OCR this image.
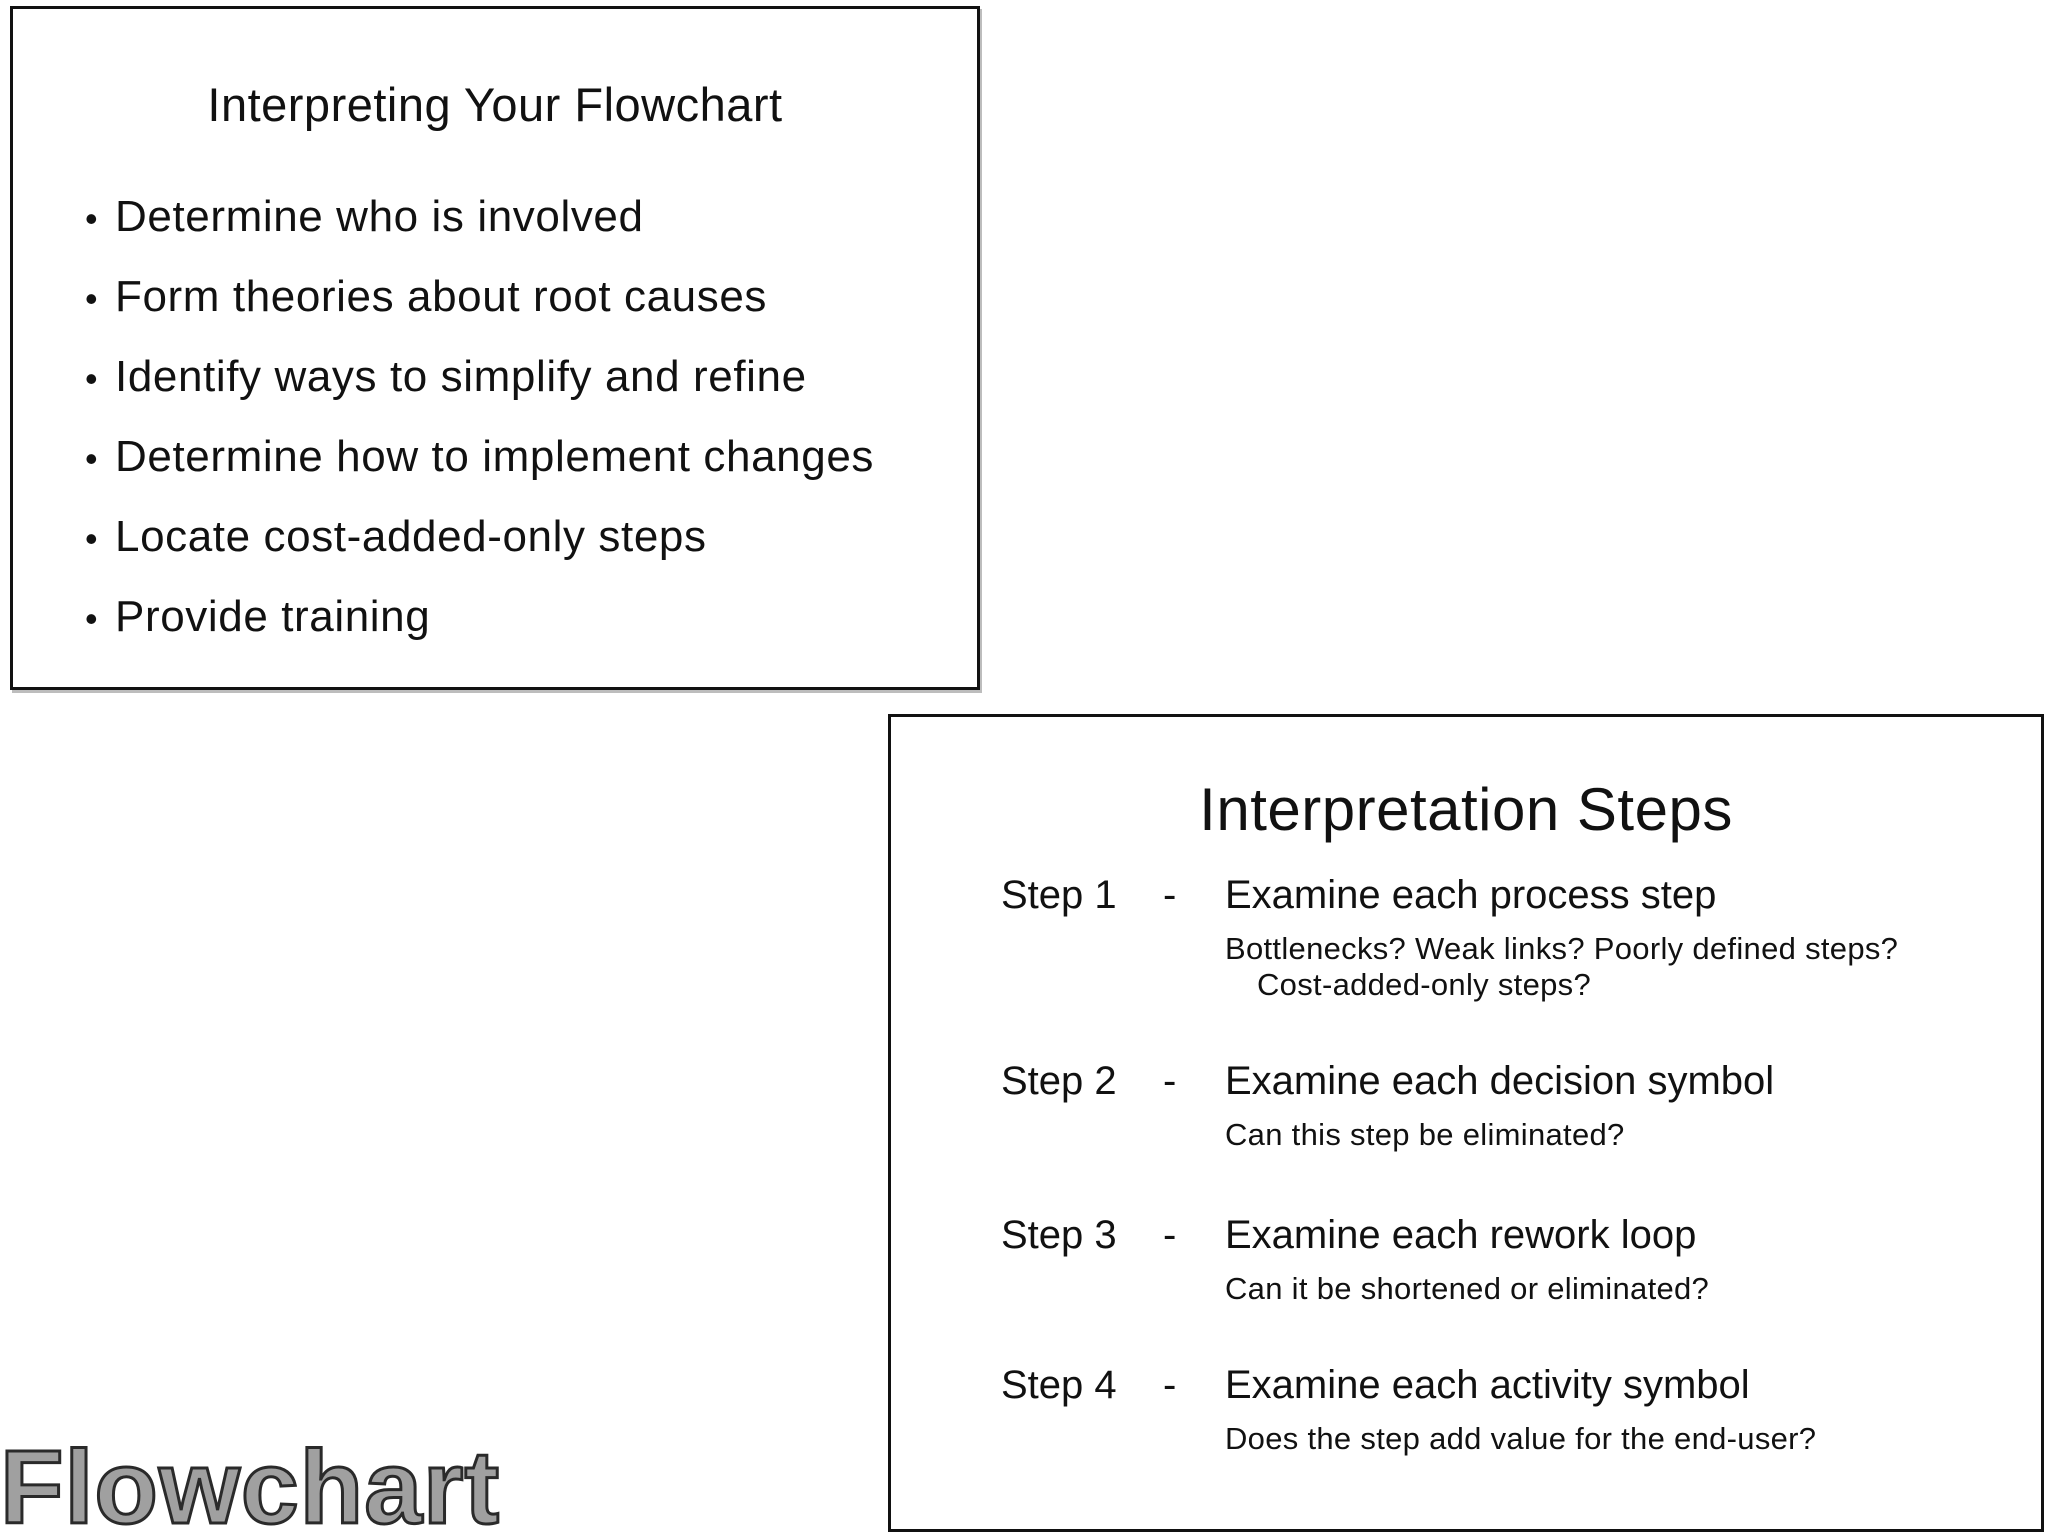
Interpreting Your Flowchart
• Determine who is involved
• Form theories about root causes
• Identify ways to simplify and refine
• Determine how to implement changes
• Locate cost-added-only steps
• Provide training
Interpretation Steps
Step 1 - Examine each process step
Bottlenecks? Weak links? Poorly defined steps? Cost-added-only steps?
Step 2 - Examine each decision symbol
Can this step be eliminated?
Step 3 - Examine each rework loop
Can it be shortened or eliminated?
Step 4 - Examine each activity symbol
Does the step add value for the end-user?
Flowchart
